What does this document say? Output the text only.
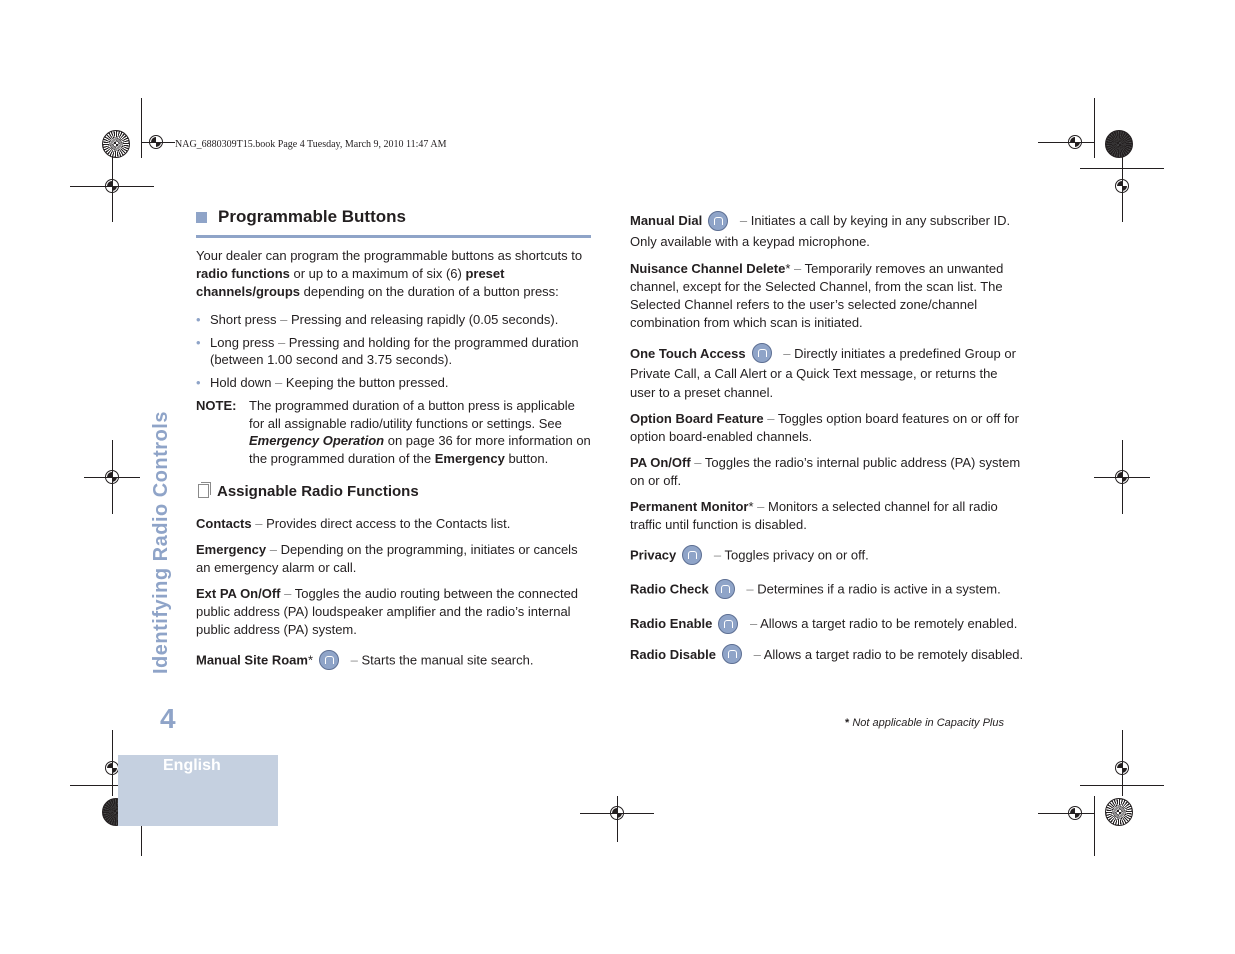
NAG_6880309T15.book Page 4 Tuesday, March 9, 2010 11:47 AM
English
Identifying Radio Controls
4
Programmable Buttons

Your dealer can program the programmable buttons as shortcuts to radio functions or up to a maximum of six (6) preset channels/groups depending on the duration of a button press:

• Short press – Pressing and releasing rapidly (0.05 seconds).
• Long press – Pressing and holding for the programmed duration (between 1.00 second and 3.75 seconds).
• Hold down – Keeping the button pressed.
NOTE: The programmed duration of a button press is applicable for all assignable radio/utility functions or settings. See Emergency Operation on page 36 for more information on the programmed duration of the Emergency button.
Assignable Radio Functions

Contacts – Provides direct access to the Contacts list.

Emergency – Depending on the programming, initiates or cancels an emergency alarm or call.

Ext PA On/Off – Toggles the audio routing between the connected public address (PA) loudspeaker amplifier and the radio’s internal public address (PA) system.

Manual Site Roam*	– Starts the manual site search.

Manual Dial	– Initiates a call by keying in any subscriber ID. Only available with a keypad microphone.

Nuisance Channel Delete* – Temporarily removes an unwanted channel, except for the Selected Channel, from the scan list. The Selected Channel refers to the user’s selected zone/channel combination from which scan is initiated.

One Touch Access	– Directly initiates a predefined Group or Private Call, a Call Alert or a Quick Text message, or returns the user to a preset channel.

Option Board Feature – Toggles option board features on or off for option board-enabled channels.

PA On/Off – Toggles the radio’s internal public address (PA) system on or off.

Permanent Monitor* – Monitors a selected channel for all radio traffic until function is disabled.

Privacy	– Toggles privacy on or off.

Radio Check	– Determines if a radio is active in a system.

Radio Enable	– Allows a target radio to be remotely enabled.

Radio Disable	– Allows a target radio to be remotely disabled.

* Not applicable in Capacity Plus
